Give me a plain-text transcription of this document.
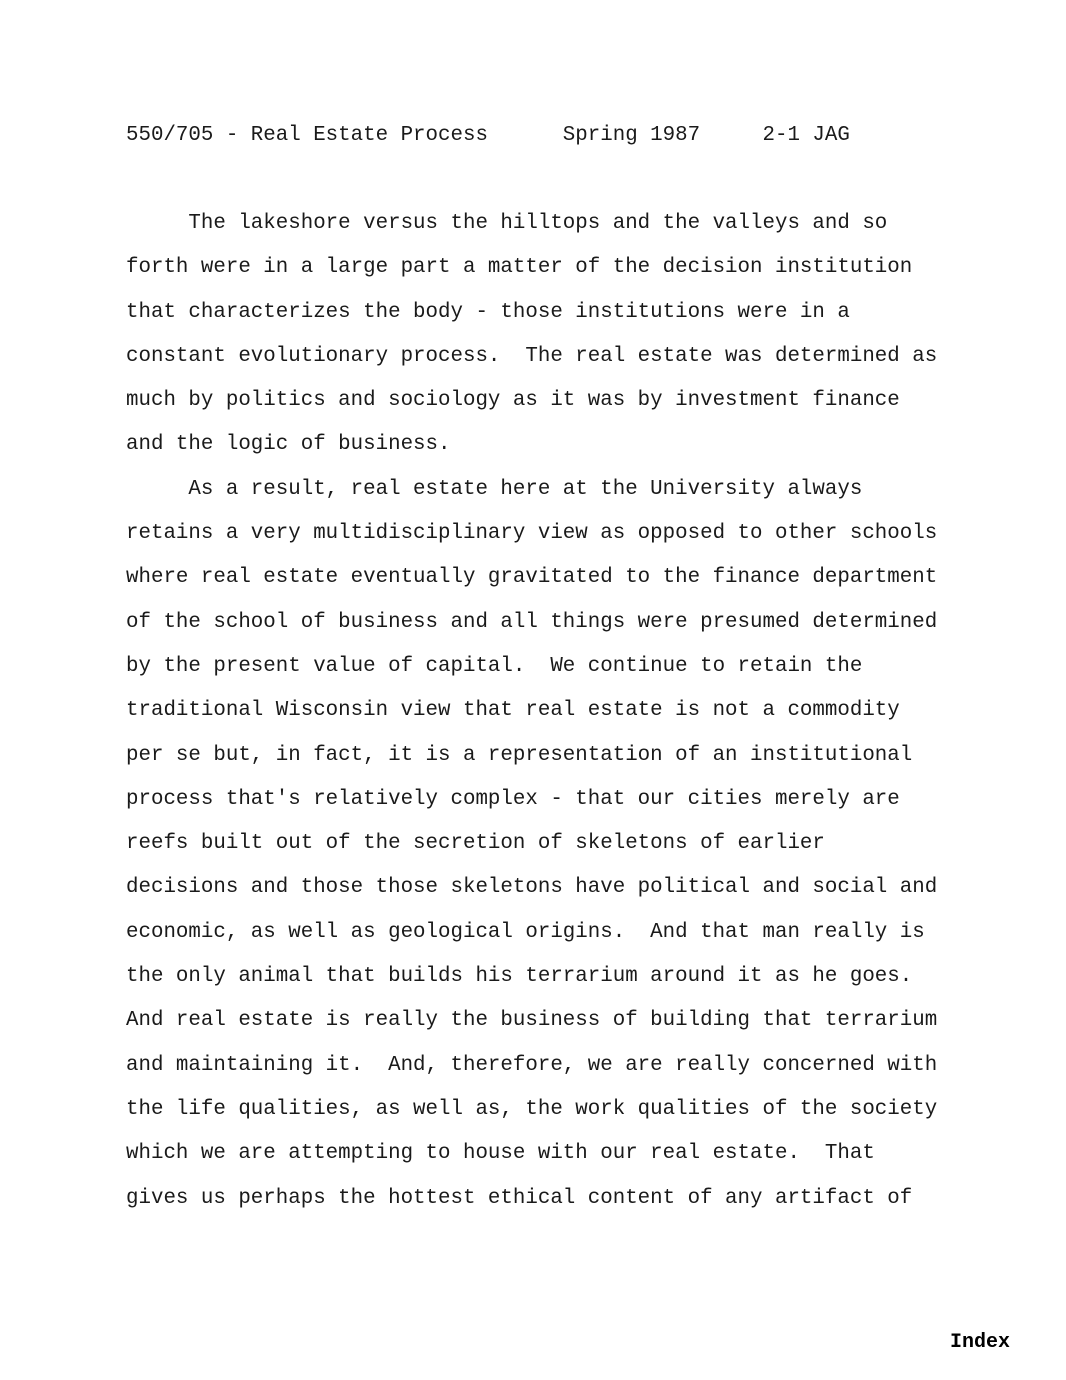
550/705 - Real Estate Process      Spring 1987     2-1 JAG
The lakeshore versus the hilltops and the valleys and so
forth were in a large part a matter of the decision institution
that characterizes the body - those institutions were in a
constant evolutionary process.  The real estate was determined as
much by politics and sociology as it was by investment finance
and the logic of business.
As a result, real estate here at the University always
retains a very multidisciplinary view as opposed to other schools
where real estate eventually gravitated to the finance department
of the school of business and all things were presumed determined
by the present value of capital.  We continue to retain the
traditional Wisconsin view that real estate is not a commodity
per se but, in fact, it is a representation of an institutional
process that's relatively complex - that our cities merely are
reefs built out of the secretion of skeletons of earlier
decisions and those those skeletons have political and social and
economic, as well as geological origins.  And that man really is
the only animal that builds his terrarium around it as he goes.
And real estate is really the business of building that terrarium
and maintaining it.  And, therefore, we are really concerned with
the life qualities, as well as, the work qualities of the society
which we are attempting to house with our real estate.  That
gives us perhaps the hottest ethical content of any artifact of
Index
